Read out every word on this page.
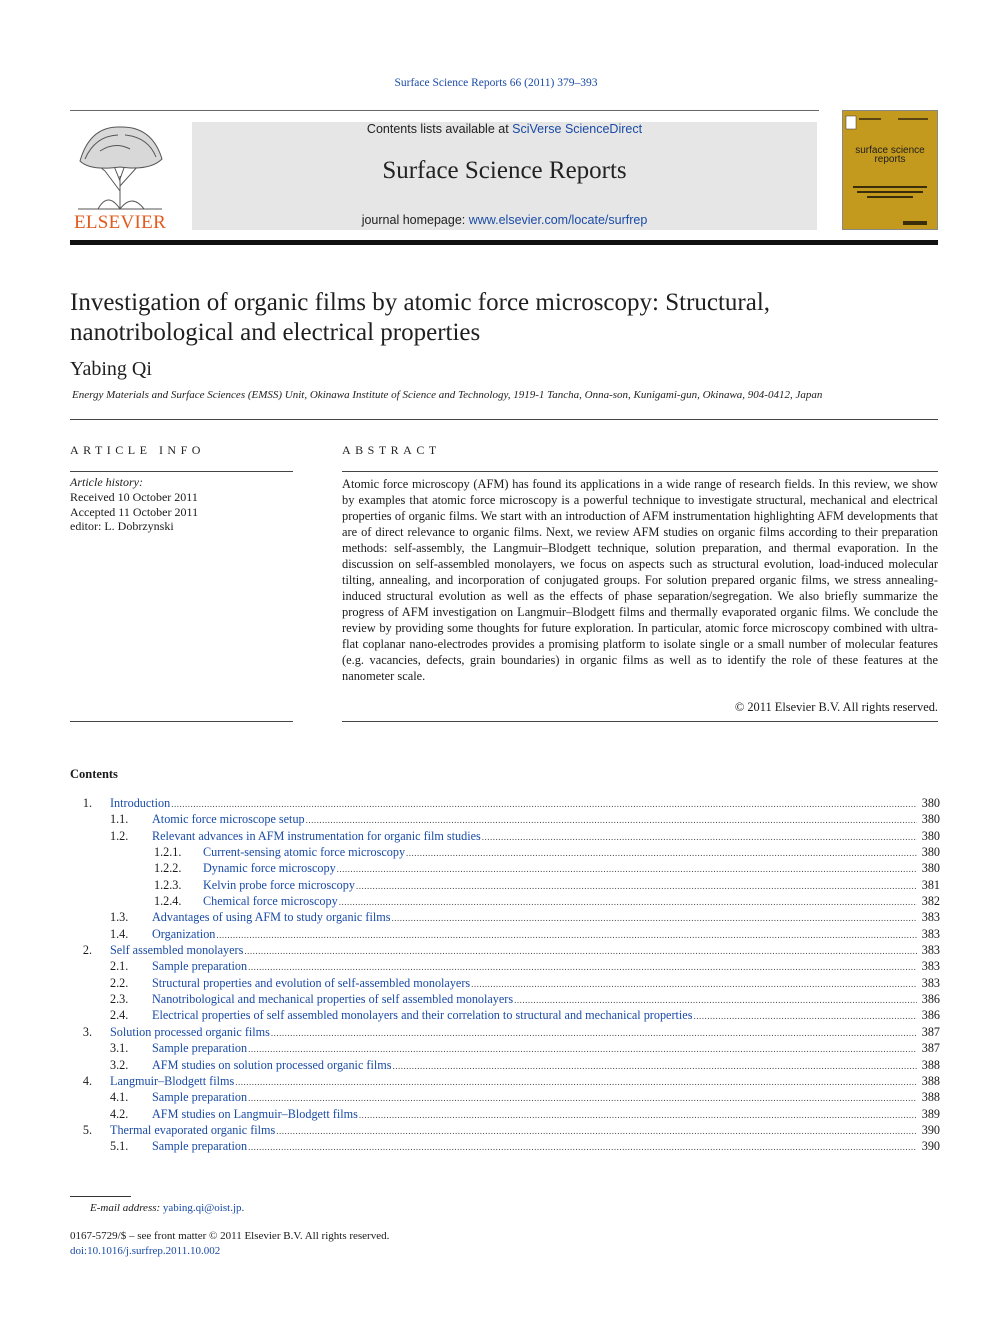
Surface Science Reports 66 (2011) 379–393
ELSEVIER
Contents lists available at SciVerse ScienceDirect
Surface Science Reports
journal homepage: www.elsevier.com/locate/surfrep
surface science reports
Investigation of organic films by atomic force microscopy: Structural, nanotribological and electrical properties
Yabing Qi
Energy Materials and Surface Sciences (EMSS) Unit, Okinawa Institute of Science and Technology, 1919-1 Tancha, Onna-son, Kunigami-gun, Okinawa, 904-0412, Japan
ARTICLE INFO
Article history:
Received 10 October 2011
Accepted 11 October 2011
editor: L. Dobrzynski
ABSTRACT
Atomic force microscopy (AFM) has found its applications in a wide range of research fields. In this review, we show by examples that atomic force microscopy is a powerful technique to investigate structural, mechanical and electrical properties of organic films. We start with an introduction of AFM instrumentation highlighting AFM developments that are of direct relevance to organic films. Next, we review AFM studies on organic films according to their preparation methods: self-assembly, the Langmuir–Blodgett technique, solution preparation, and thermal evaporation. In the discussion on self-assembled monolayers, we focus on aspects such as structural evolution, load-induced molecular tilting, annealing, and incorporation of conjugated groups. For solution prepared organic films, we stress annealing-induced structural evolution as well as the effects of phase separation/segregation. We also briefly summarize the progress of AFM investigation on Langmuir–Blodgett films and thermally evaporated organic films. We conclude the review by providing some thoughts for future exploration. In particular, atomic force microscopy combined with ultra-flat coplanar nano-electrodes provides a promising platform to isolate single or a small number of molecular features (e.g. vacancies, defects, grain boundaries) in organic films as well as to identify the role of these features at the nanometer scale.
© 2011 Elsevier B.V. All rights reserved.
Contents
1. Introduction .....	380
1.1.	Atomic force microscope setup .....	380
1.2.	Relevant advances in AFM instrumentation for organic film studies .....	380
1.2.1. Current-sensing atomic force microscopy .....	380
1.2.2. Dynamic force microscopy .....	380
1.2.3. Kelvin probe force microscopy .....	381
1.2.4. Chemical force microscopy .....	382
1.3.	Advantages of using AFM to study organic films .....	383
1.4.	Organization .....	383
2. Self assembled monolayers .....	383
2.1.	Sample preparation .....	383
2.2.	Structural properties and evolution of self-assembled monolayers .....	383
2.3.	Nanotribological and mechanical properties of self assembled monolayers .....	386
2.4.	Electrical properties of self assembled monolayers and their correlation to structural and mechanical properties .....	386
3. Solution processed organic films .....	387
3.1.	Sample preparation .....	387
3.2.	AFM studies on solution processed organic films .....	388
4. Langmuir–Blodgett films .....	388
4.1.	Sample preparation .....	388
4.2.	AFM studies on Langmuir–Blodgett films .....	389
5. Thermal evaporated organic films .....	390
5.1.	Sample preparation .....	390
E-mail address: yabing.qi@oist.jp.
0167-5729/$ – see front matter © 2011 Elsevier B.V. All rights reserved.
doi:10.1016/j.surfrep.2011.10.002
